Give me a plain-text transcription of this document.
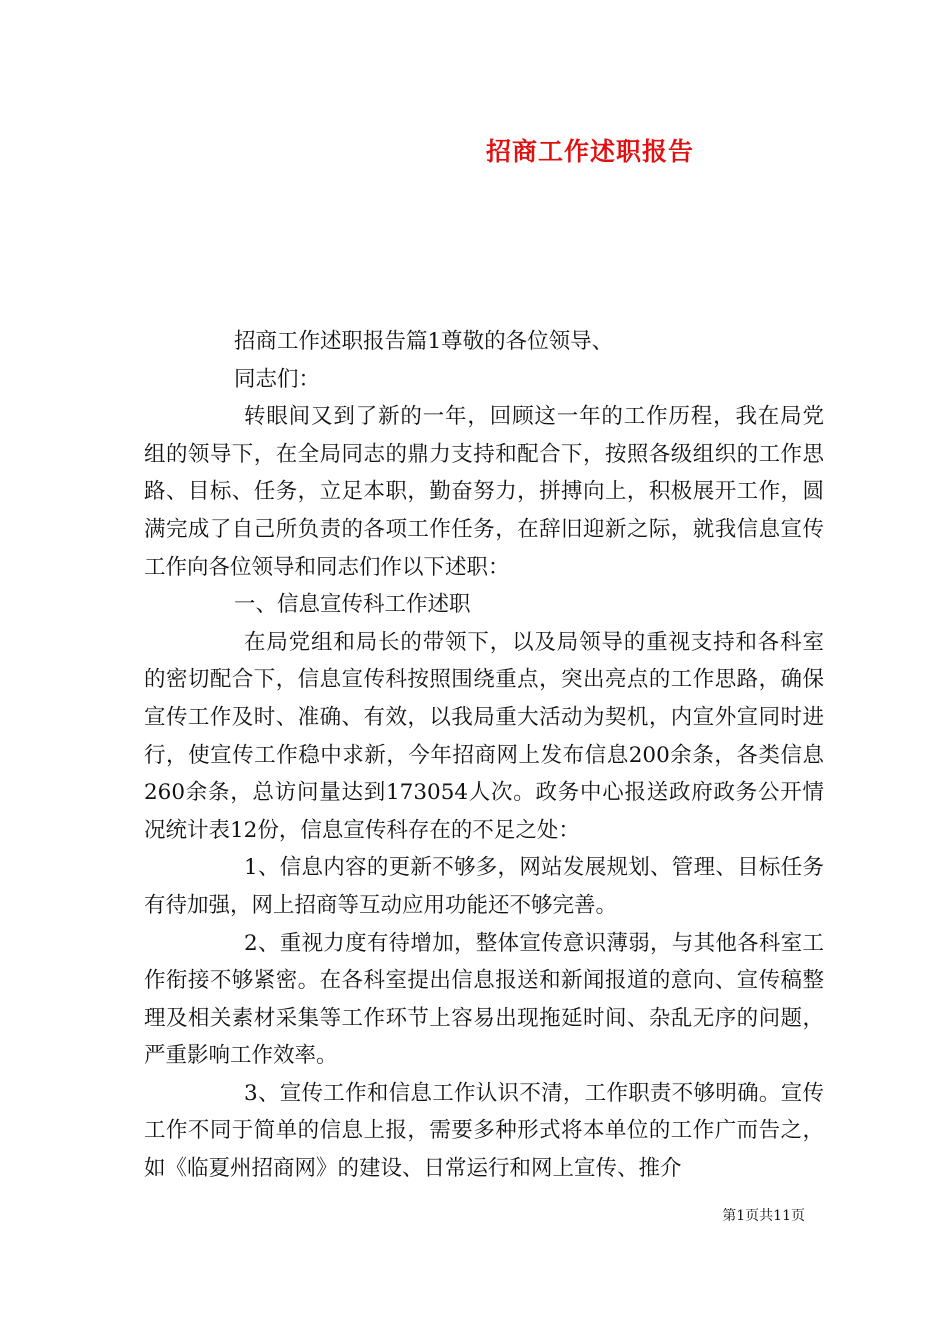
招商工作述职报告

招商工作述职报告篇1尊敬的各位领导、

同志们：

转眼间又到了新的一年，回顾这一年的工作历程，我在局党组的领导下，在全局同志的鼎力支持和配合下，按照各级组织的工作思路、目标、任务，立足本职，勤奋努力，拼搏向上，积极展开工作，圆满完成了自己所负责的各项工作任务，在辞旧迎新之际，就我信息宣传工作向各位领导和同志们作以下述职：

一、信息宣传科工作述职

在局党组和局长的带领下，以及局领导的重视支持和各科室的密切配合下，信息宣传科按照围绕重点，突出亮点的工作思路，确保宣传工作及时、准确、有效，以我局重大活动为契机，内宣外宣同时进行，使宣传工作稳中求新，今年招商网上发布信息200余条，各类信息260余条，总访问量达到173054人次。政务中心报送政府政务公开情况统计表12份，信息宣传科存在的不足之处：

1、信息内容的更新不够多，网站发展规划、管理、目标任务有待加强，网上招商等互动应用功能还不够完善。

2、重视力度有待增加，整体宣传意识薄弱，与其他各科室工作衔接不够紧密。在各科室提出信息报送和新闻报道的意向、宣传稿整理及相关素材采集等工作环节上容易出现拖延时间、杂乱无序的问题，严重影响工作效率。

3、宣传工作和信息工作认识不清，工作职责不够明确。宣传工作不同于简单的信息上报，需要多种形式将本单位的工作广而告之，如《临夏州招商网》的建设、日常运行和网上宣传、推介

第1页共11页
